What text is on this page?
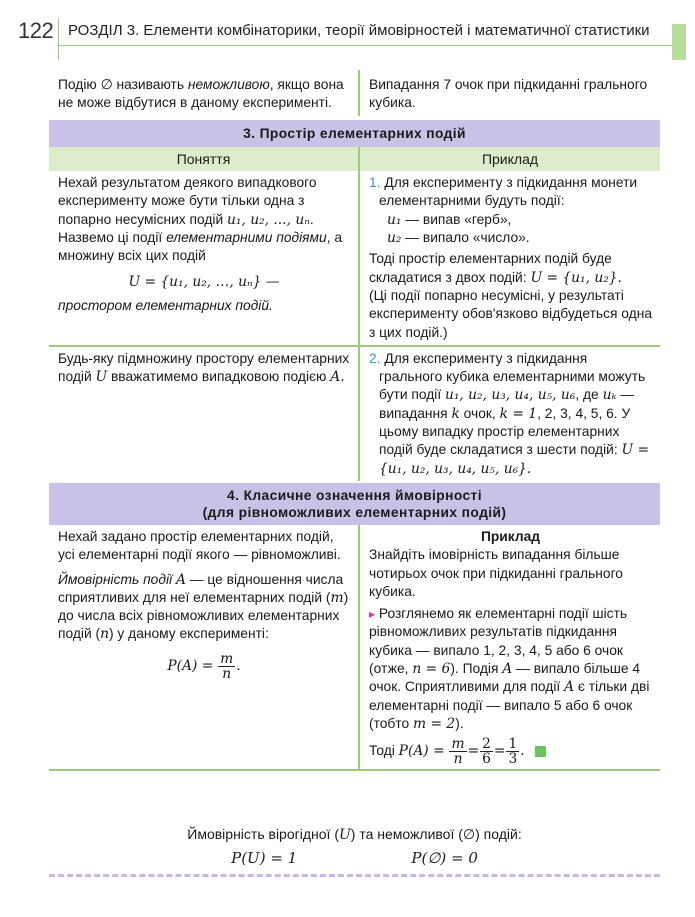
122 РОЗДІЛ 3. Елементи комбінаторики, теорії ймовірностей і математичної статистики
Подію ∅ називають неможливою, якщо вона не може відбутися в даному експерименті.
Випадання 7 очок при підкиданні грального кубика.
3. Простір елементарних подій
Поняття	Приклад
Нехай результатом деякого випадкового експерименту може бути тільки одна з попарно несумісних подій u₁, u₂, ..., uₙ. Назвемо ці події елементарними подіями, а множину всіх цих подій
U = {u₁, u₂, …, uₙ} —
простором елементарних подій.
1. Для експерименту з підкидання монети елементарними будуть події:
u₁ — випав «герб»,
u₂ — випало «число».
Тоді простір елементарних подій буде складатися з двох подій: U = {u₁, u₂}.
(Ці події попарно несумісні, у результаті експерименту обов'язково відбудеться одна з цих подій.)
Будь-яку підмножину простору елементарних подій U вважатимемо випадковою подією A.
2. Для експерименту з підкидання грального кубика елементарними можуть бути події u₁, u₂, u₃, u₄, u₅, u₆, де uₖ — випадання k очок, k = 1, 2, 3, 4, 5, 6. У цьому випадку простір елементарних подій буде складатися з шести подій: U = {u₁, u₂, u₃, u₄, u₅, u₆}.
4. Класичне означення ймовірності
(для рівноможливих елементарних подій)
Нехай задано простір елементарних подій, усі елементарні події якого — рівноможливі.
Ймовірність події A — це відношення числа сприятливих для неї елементарних подій (m) до числа всіх рівноможливих елементарних подій (n) у даному експерименті:
$P(A) = \frac{m}{n}$ .
Приклад
Знайдіть імовірність випадання більше чотирьох очок при підкиданні грального кубика.
▸ Розглянемо як елементарні події шість рівноможливих результатів підкидання кубика — випало 1, 2, 3, 4, 5 або 6 очок (отже, n = 6). Подія A — випало більше 4 очок. Сприятливими для події A є тільки дві елементарні події — випало 5 або 6 очок (тобто m = 2).
Тоді $P(A) = \frac{m}{n} = \frac{2}{6} = \frac{1}{3}$ .
Ймовірність вірогідної (U) та неможливої (∅) подій:
P(U) = 1	P(∅) = 0
